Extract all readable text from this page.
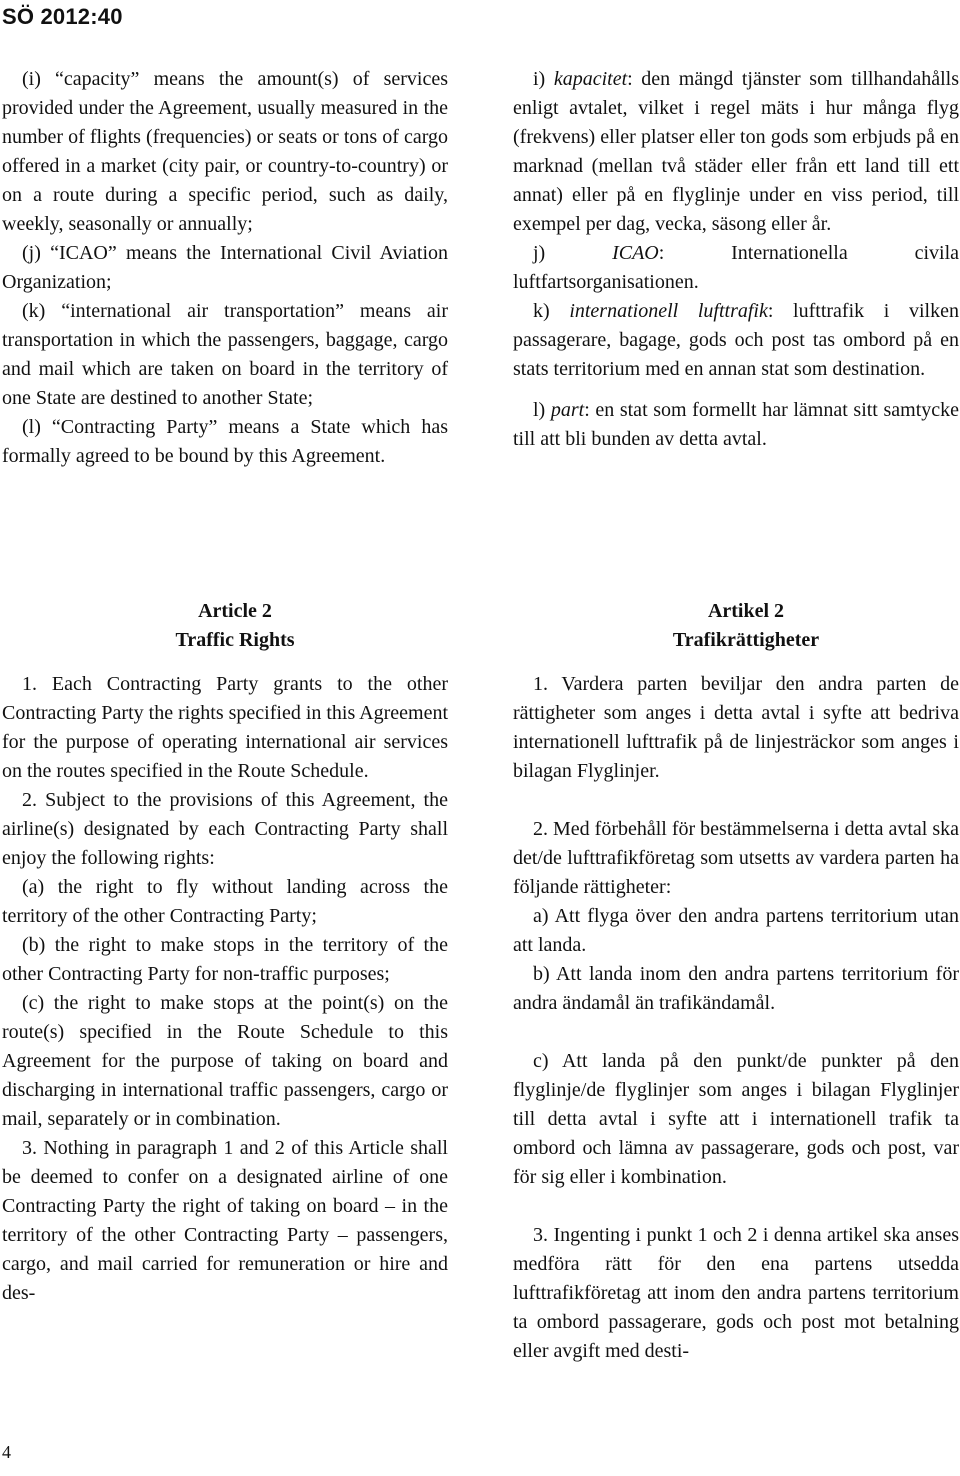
SÖ 2012:40

(i) “capacity” means the amount(s) of services provided under the Agreement, usually measured in the number of flights (frequencies) or seats or tons of cargo offered in a market (city pair, or country-to-country) or on a route during a specific period, such as daily, weekly, seasonally or annually;

(j) “ICAO” means the International Civil Aviation Organization;

(k) “international air transportation” means air transportation in which the passengers, baggage, cargo and mail which are taken on board in the territory of one State are destined to another State;

(l) “Contracting Party” means a State which has formally agreed to be bound by this Agreement.

i) kapacitet: den mängd tjänster som tillhandahålls enligt avtalet, vilket i regel mäts i hur många flyg (frekvens) eller platser eller ton gods som erbjuds på en marknad (mellan två städer eller från ett land till ett annat) eller på en flyglinje under en viss period, till exempel per dag, vecka, säsong eller år.

j) ICAO: Internationella civila luftfartsorganisationen.

k) internationell lufttrafik: lufttrafik i vilken passagerare, bagage, gods och post tas ombord på en stats territorium med en annan stat som destination.

l) part: en stat som formellt har lämnat sitt samtycke till att bli bunden av detta avtal.

Article 2

Traffic Rights

1. Each Contracting Party grants to the other Contracting Party the rights specified in this Agreement for the purpose of operating international air services on the routes specified in the Route Schedule.

2. Subject to the provisions of this Agreement, the airline(s) designated by each Contracting Party shall enjoy the following rights:

(a) the right to fly without landing across the territory of the other Contracting Party;

(b) the right to make stops in the territory of the other Contracting Party for non-traffic purposes;

(c) the right to make stops at the point(s) on the route(s) specified in the Route Schedule to this Agreement for the purpose of taking on board and discharging in international traffic passengers, cargo or mail, separately or in combination.

3. Nothing in paragraph 1 and 2 of this Article shall be deemed to confer on a designated airline of one Contracting Party the right of taking on board – in the territory of the other Contracting Party – passengers, cargo, and mail carried for remuneration or hire and des-

Artikel 2

Trafikrättigheter

1. Vardera parten beviljar den andra parten de rättigheter som anges i detta avtal i syfte att bedriva internationell lufttrafik på de linjesträckor som anges i bilagan Flyglinjer.

2. Med förbehåll för bestämmelserna i detta avtal ska det/de lufttrafikföretag som utsetts av vardera parten ha följande rättigheter:

a) Att flyga över den andra partens territorium utan att landa.

b) Att landa inom den andra partens territorium för andra ändamål än trafikändamål.

c) Att landa på den punkt/de punkter på den flyglinje/de flyglinjer som anges i bilagan Flyglinjer till detta avtal i syfte att i internationell trafik ta ombord och lämna av passagerare, gods och post, var för sig eller i kombination.

3. Ingenting i punkt 1 och 2 i denna artikel ska anses medföra rätt för den ena partens utsedda lufttrafikföretag att inom den andra partens territorium ta ombord passagerare, gods och post mot betalning eller avgift med desti-

4
